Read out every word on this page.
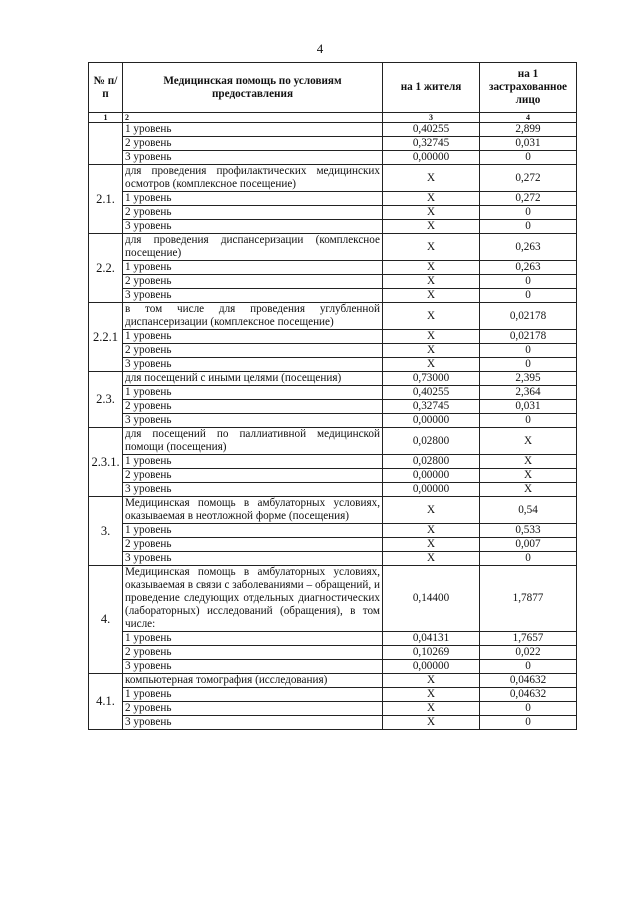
4
№ п/п	Медицинская помощь по условиям предоставления	на 1 жителя	на 1 застрахованное лицо
1	2	3	4
	1 уровень	0,40255	2,899
	2 уровень	0,32745	0,031
	3 уровень	0,00000	0
2.1.	для проведения профилактических медицинских осмотров (комплексное посещение)	X	0,272
	1 уровень	X	0,272
	2 уровень	X	0
	3 уровень	X	0
2.2.	для проведения диспансеризации (комплексное посещение)	X	0,263
	1 уровень	X	0,263
	2 уровень	X	0
	3 уровень	X	0
2.2.1	в том числе для проведения углубленной диспансеризации (комплексное посещение)	X	0,02178
	1 уровень	X	0,02178
	2 уровень	X	0
	3 уровень	X	0
2.3.	для посещений с иными целями (посещения)	0,73000	2,395
	1 уровень	0,40255	2,364
	2 уровень	0,32745	0,031
	3 уровень	0,00000	0
2.3.1.	для посещений по паллиативной медицинской помощи (посещения)	0,02800	X
	1 уровень	0,02800	X
	2 уровень	0,00000	X
	3 уровень	0,00000	X
3.	Медицинская помощь в амбулаторных условиях, оказываемая в неотложной форме (посещения)	X	0,54
	1 уровень	X	0,533
	2 уровень	X	0,007
	3 уровень	X	0
4.	Медицинская помощь в амбулаторных условиях, оказываемая в связи с заболеваниями – обращений, и проведение следующих отдельных диагностических (лабораторных) исследований (обращения), в том числе:	0,14400	1,7877
	1 уровень	0,04131	1,7657
	2 уровень	0,10269	0,022
	3 уровень	0,00000	0
4.1.	компьютерная томография (исследования)	X	0,04632
	1 уровень	X	0,04632
	2 уровень	X	0
	3 уровень	X	0
